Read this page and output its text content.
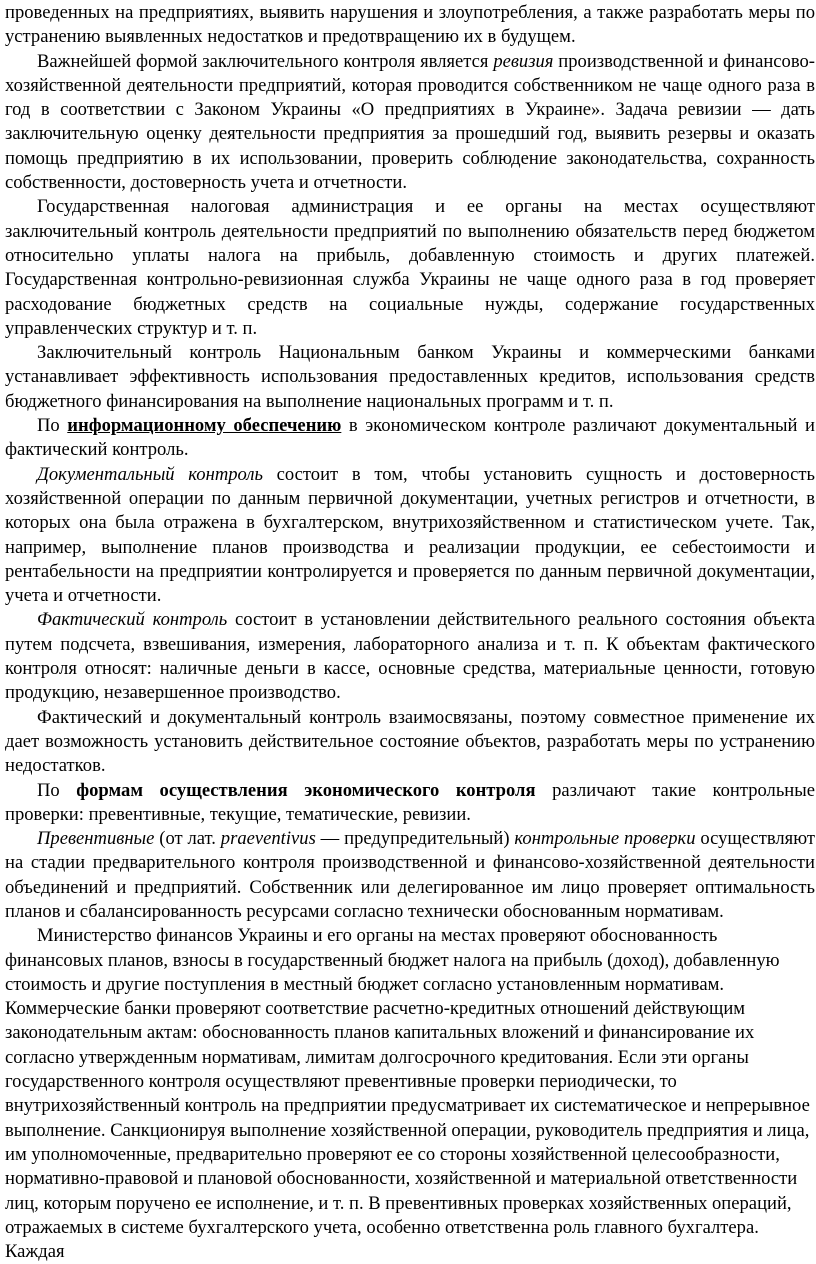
проведенных на предприятиях, выявить нарушения и злоупотребления, а также разработать меры по устранению выявленных недостатков и предотвращению их в будущем.

Важнейшей формой заключительного контроля является ревизия производственной и финансово-хозяйственной деятельности предприятий, которая проводится собственником не чаще одного раза в год в соответствии с Законом Украины «О предприятиях в Украине». Задача ревизии — дать заключительную оценку деятельности предприятия за прошедший год, выявить резервы и оказать помощь предприятию в их использовании, проверить соблюдение законодательства, сохранность собственности, достоверность учета и отчетности.

Государственная налоговая администрация и ее органы на местах осуществляют заключительный контроль деятельности предприятий по выполнению обязательств перед бюджетом относительно уплаты налога на прибыль, добавленную стоимость и других платежей. Государственная контрольно-ревизионная служба Украины не чаще одного раза в год проверяет расходование бюджетных средств на социальные нужды, содержание государственных управленческих структур и т. п.

Заключительный контроль Национальным банком Украины и коммерческими банками устанавливает эффективность использования предоставленных кредитов, использования средств бюджетного финансирования на выполнение национальных программ и т. п.

По информационному обеспечению в экономическом контроле различают документальный и фактический контроль.

Документальный контроль состоит в том, чтобы установить сущность и достоверность хозяйственной операции по данным первичной документации, учетных регистров и отчетности, в которых она была отражена в бухгалтерском, внутрихозяйственном и статистическом учете. Так, например, выполнение планов производства и реализации продукции, ее себестоимости и рентабельности на предприятии контролируется и проверяется по данным первичной документации, учета и отчетности.

Фактический контроль состоит в установлении действительного реального состояния объекта путем подсчета, взвешивания, измерения, лабораторного анализа и т. п. К объектам фактического контроля относят: наличные деньги в кассе, основные средства, материальные ценности, готовую продукцию, незавершенное производство.

Фактический и документальный контроль взаимосвязаны, поэтому совместное применение их дает возможность установить действительное состояние объектов, разработать меры по устранению недостатков.

По формам осуществления экономического контроля различают такие контрольные проверки: превентивные, текущие, тематические, ревизии.

Превентивные (от лат. praeventivus — предупредительный) контрольные проверки осуществляют на стадии предварительного контроля производственной и финансово-хозяйственной деятельности объединений и предприятий. Собственник или делегированное им лицо проверяет оптимальность планов и сбалансированность ресурсами согласно технически обоснованным нормативам.

Министерство финансов Украины и его органы на местах проверяют обоснованность финансовых планов, взносы в государственный бюджет налога на прибыль (доход), добавленную стоимость и другие поступления в местный бюджет согласно установленным нормативам. Коммерческие банки проверяют соответствие расчетно-кредитных отношений действующим законодательным актам: обоснованность планов капитальных вложений и финансирование их согласно утвержденным нормативам, лимитам долгосрочного кредитования. Если эти органы государственного контроля осуществляют превентивные проверки периодически, то внутрихозяйственный контроль на предприятии предусматривает их систематическое и непрерывное выполнение. Санкционируя выполнение хозяйственной операции, руководитель предприятия и лица, им уполномоченные, предварительно проверяют ее со стороны хозяйственной целесообразности, нормативно-правовой и плановой обоснованности, хозяйственной и материальной ответственности лиц, которым поручено ее исполнение, и т. п. В превентивных проверках хозяйственных операций, отражаемых в системе бухгалтерского учета, особенно ответственна роль главного бухгалтера. Каждая
